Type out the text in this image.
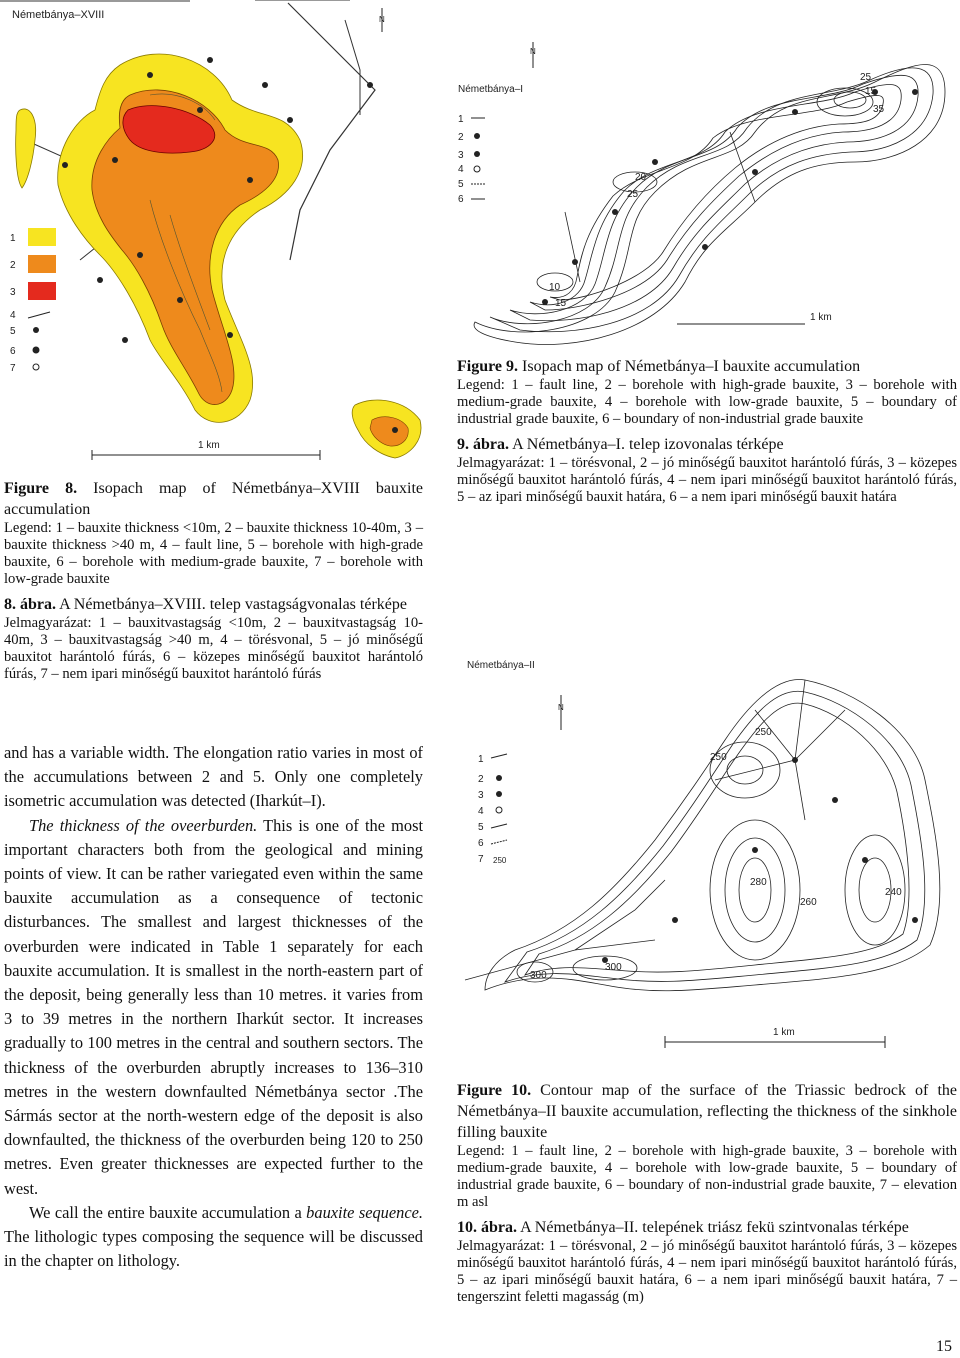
1
2
3
4
5
6
7
Németbánya–XVIII	N
1 km
25
15
20
10
15
25
35
1
2
3
4
5
6
Németbánya–I
N
1 km
250
250
280
260
240
300
300
1
2
3
4
5
6
7 250
Németbánya–II
N
1 km
Figure 8. Isopach map of Németbánya–XVIII bauxite accumulation
Legend: 1 – bauxite thickness <10m, 2 – bauxite thickness 10-40m, 3 – bauxite thickness >40 m, 4 – fault line, 5 – borehole with high-grade bauxite, 6 – borehole with medium-grade bauxite, 7 – borehole with low-grade bauxite
8. ábra. A Németbánya–XVIII. telep vastagságvonalas térképe
Jelmagyarázat: 1 – bauxitvastagság <10m, 2 – bauxitvastagság 10-40m, 3 – bauxitvastagság >40 m, 4 – törésvonal, 5 – jó minőségű bauxitot harántoló fúrás, 6 – közepes minőségű bauxitot harántoló fúrás, 7 – nem ipari minőségű bauxitot harántoló fúrás
Figure 9. Isopach map of Németbánya–I bauxite accumulation
Legend: 1 – fault line, 2 – borehole with high-grade bauxite, 3 – borehole with medium-grade bauxite, 4 – borehole with low-grade bauxite, 5 – boundary of industrial grade bauxite, 6 – boundary of non-industrial grade bauxite
9. ábra. A Németbánya–I. telep izovonalas térképe
Jelmagyarázat: 1 – törésvonal, 2 – jó minőségű bauxitot harántoló fúrás, 3 – közepes minőségű bauxitot harántoló fúrás, 4 – nem ipari minőségű bauxitot harántoló fúrás, 5 – az ipari minőségű bauxit határa, 6 – a nem ipari minőségű bauxit határa
Figure 10. Contour map of the surface of the Triassic bedrock of the Németbánya–II bauxite accumulation, reflecting the thickness of the sinkhole filling bauxite
Legend: 1 – fault line, 2 – borehole with high-grade bauxite, 3 – borehole with medium-grade bauxite, 4 – borehole with low-grade bauxite, 5 – boundary of industrial grade bauxite, 6 – boundary of non-industrial grade bauxite, 7 – elevation m asl
10. ábra. A Németbánya–II. telepének triász fekü szintvonalas térképe
Jelmagyarázat: 1 – törésvonal, 2 – jó minőségű bauxitot harántoló fúrás, 3 – közepes minőségű bauxitot harántoló fúrás, 4 – nem ipari minőségű bauxitot harántoló fúrás, 5 – az ipari minőségű bauxit határa, 6 – a nem ipari minőségű bauxit határa, 7 – tengerszint feletti magasság (m)

and has a variable width. The elongation ratio varies in most of the accumulations between 2 and 5. Only one completely isometric accumulation was detected (Iharkút–I).

The thickness of the oveerburden. This is one of the most important characters both from the geological and mining points of view. It can be rather variegated even within the same bauxite accumulation as a consequence of tectonic disturbances. The smallest and largest thicknesses of the overburden were indicated in Table 1 separately for each bauxite accumulation. It is smallest in the north-eastern part of the deposit, being generally less than 10 metres. it varies from 3 to 39 metres in the northern Iharkút sector. It increases gradually to 100 metres in the central and southern sectors. The thickness of the overburden abruptly increases to 136–310 metres in the western downfaulted Németbánya sector .The Sármás sector at the north-western edge of the deposit is also downfaulted, the thickness of the overburden being 120 to 250 metres. Even greater thicknesses are expected further to the west.

We call the entire bauxite accumulation a bauxite sequence. The lithologic types composing the sequence will be discussed in the chapter on lithology.

15
